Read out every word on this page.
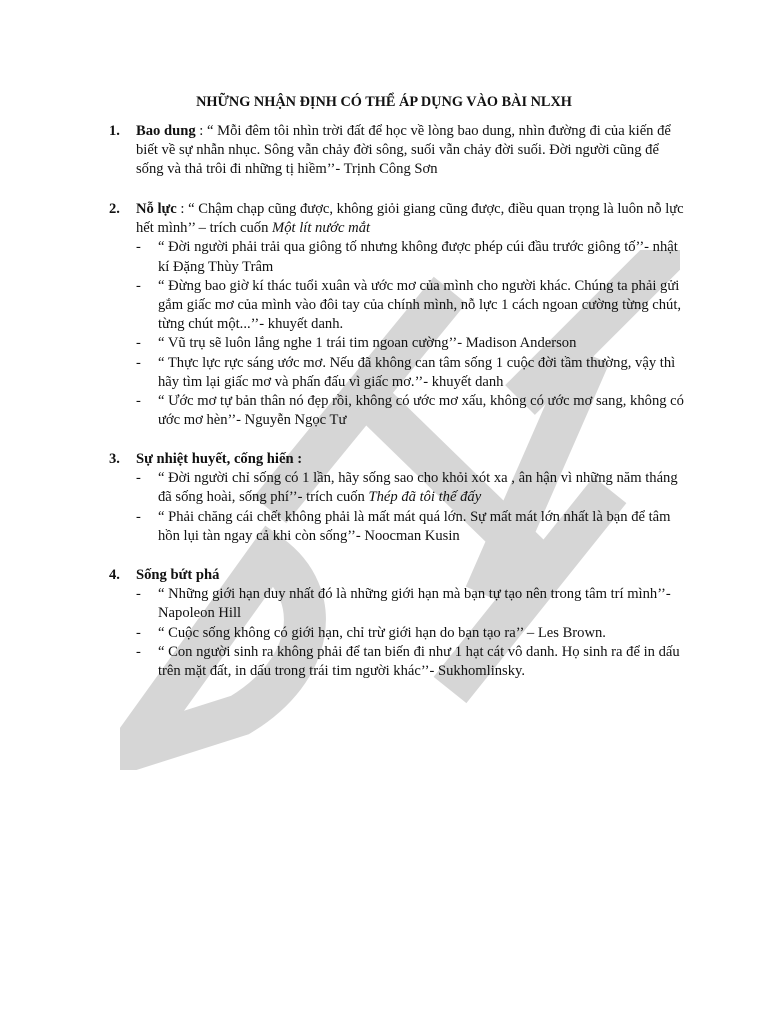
NHỮNG NHẬN ĐỊNH CÓ THỂ ÁP DỤNG VÀO BÀI NLXH
1. Bao dung : “ Mỗi đêm tôi nhìn trời đất để học về lòng bao dung, nhìn đường đi của kiến để biết về sự nhẫn nhục. Sông vẫn chảy đời sông, suối vẫn chảy đời suối. Đời người cũng để sống và thả trôi đi những tị hiềm’’- Trịnh Công Sơn
2. Nỗ lực : “ Chậm chạp cũng được, không giỏi giang cũng được, điều quan trọng là luôn nỗ lực hết mình’’ – trích cuốn Một lít nước mắt
- “ Đời người phải trải qua giông tố nhưng không được phép cúi đầu trước giông tố’’- nhật kí Đặng Thùy Trâm
- “ Đừng bao giờ kí thác tuổi xuân và ước mơ của mình cho người khác. Chúng ta phải gửi gắm giấc mơ của mình vào đôi tay của chính mình, nỗ lực 1 cách ngoan cường từng chút, từng chút một...’’- khuyết danh.
- “ Vũ trụ sẽ luôn lắng nghe 1 trái tim ngoan cường’’- Madison Anderson
- “ Thực lực rực sáng ước mơ. Nếu đã không can tâm sống 1 cuộc đời tầm thường, vậy thì hãy tìm lại giấc mơ và phấn đấu vì giấc mơ.’’- khuyết danh
- “ Ước mơ tự bản thân nó đẹp rồi, không có ước mơ xấu, không có ước mơ sang, không có ước mơ hèn’’- Nguyễn Ngọc Tư
3. Sự nhiệt huyết, cống hiến :
- “ Đời người chỉ sống có 1 lần, hãy sống sao cho khỏi xót xa , ân hận vì những năm tháng đã sống hoài, sống phí’’- trích cuốn Thép đã tôi thế đấy
- “ Phải chăng cái chết không phải là mất mát quá lớn. Sự mất mát lớn nhất là bạn để tâm hồn lụi tàn ngay cả khi còn sống’’- Noocman Kusin
4. Sống bứt phá
- “ Những giới hạn duy nhất đó là những giới hạn mà bạn tự tạo nên trong tâm trí mình’’- Napoleon Hill
- “ Cuộc sống không có giới hạn, chỉ trừ giới hạn do bạn tạo ra’’ – Les Brown.
- “ Con người sinh ra không phải để tan biến đi như 1 hạt cát vô danh. Họ sinh ra để in dấu trên mặt đất, in dấu trong trái tim người khác’’- Sukhomlinsky.
